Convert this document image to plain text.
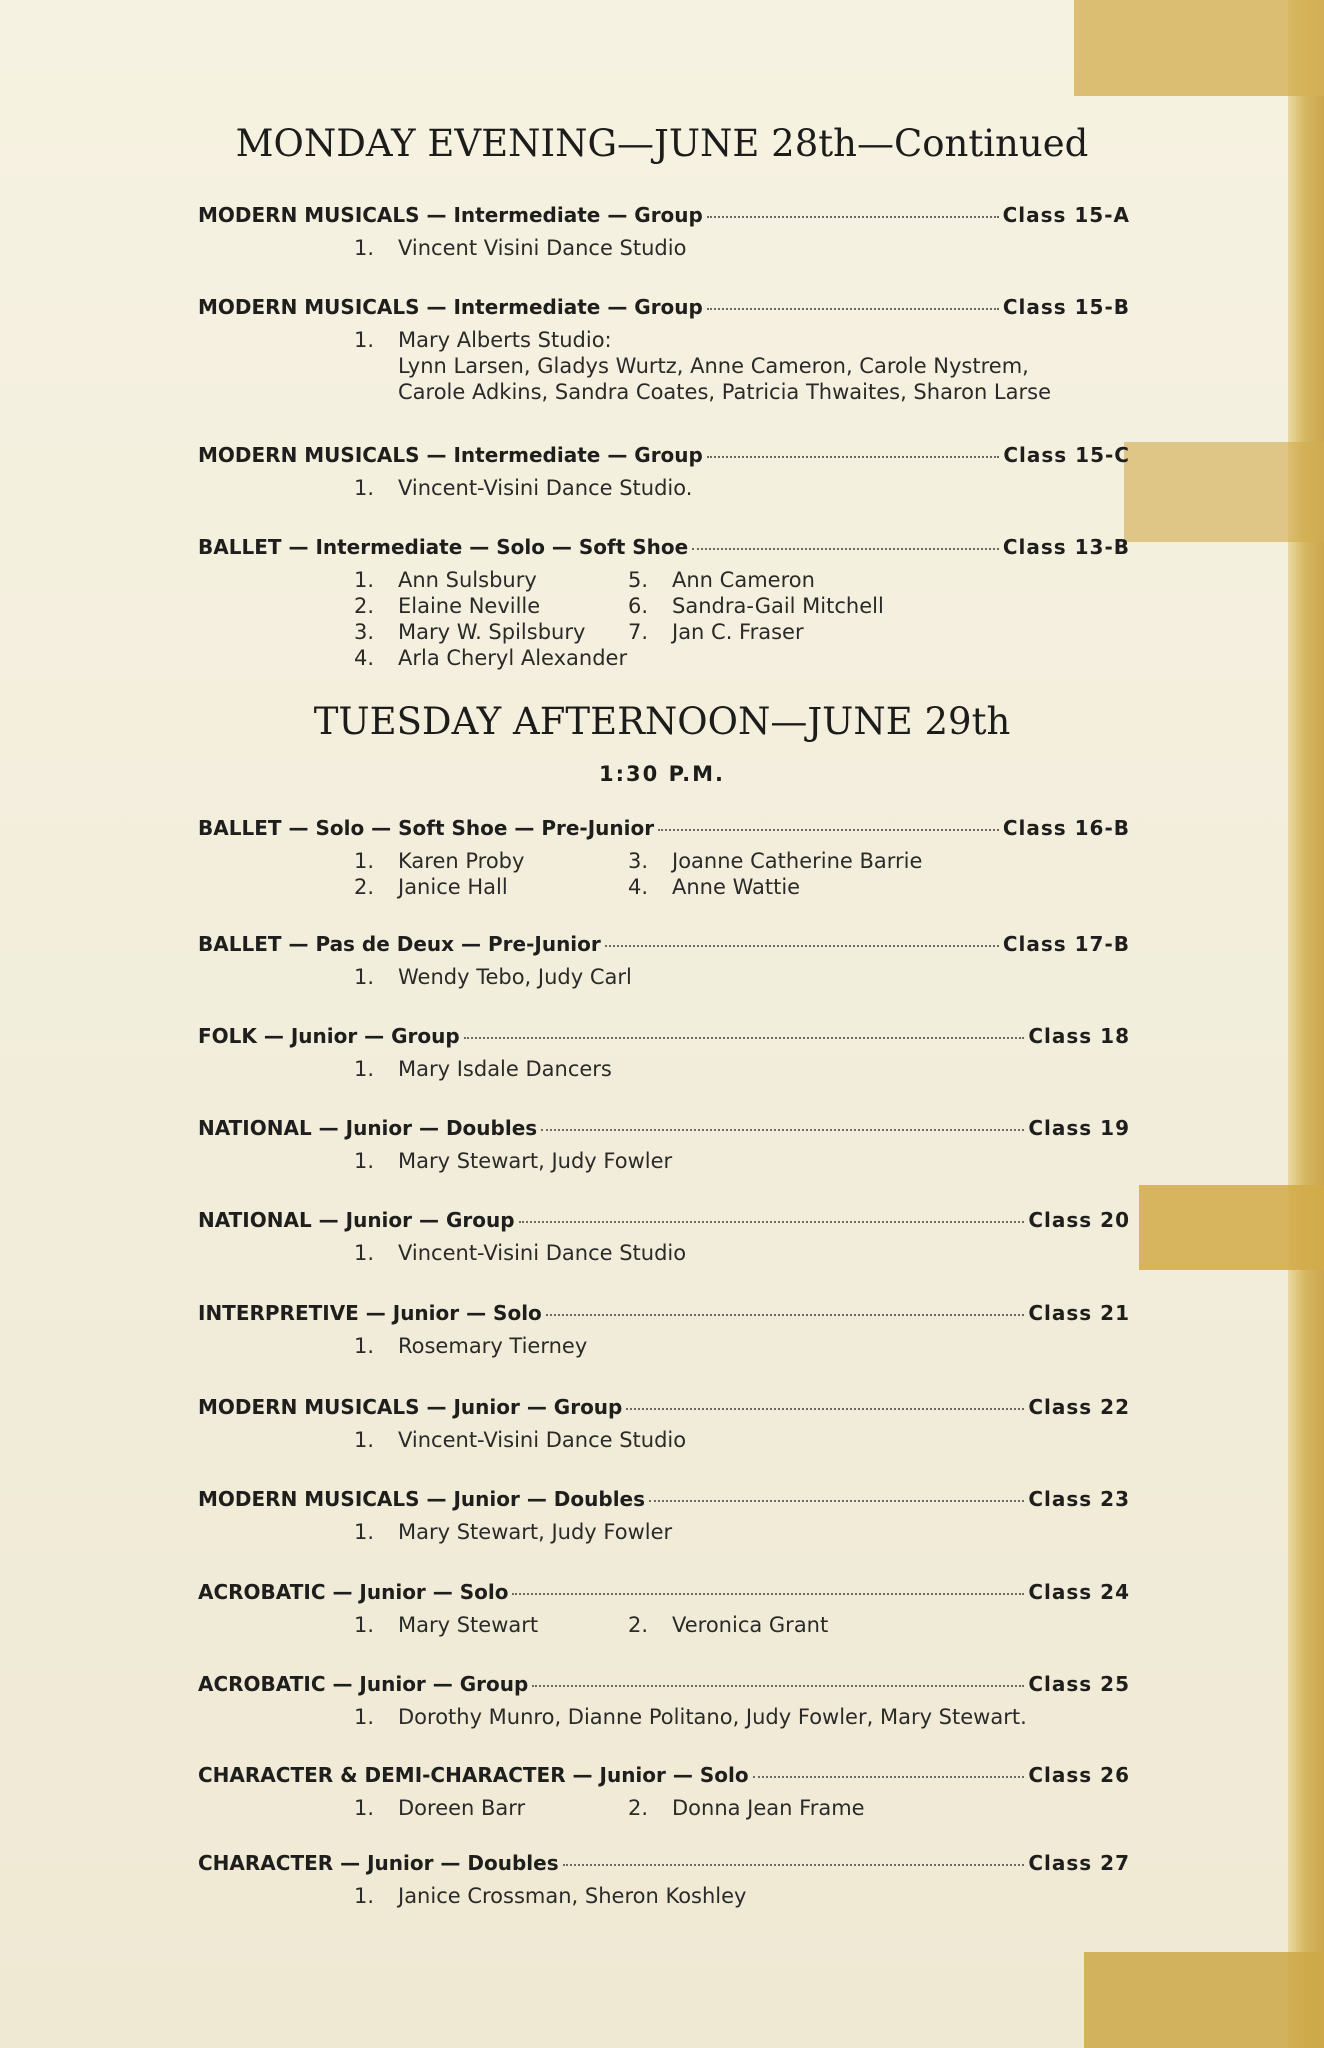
MONDAY EVENING—JUNE 28th—Continued
TUESDAY AFTERNOON—JUNE 29th
1:30 P.M.
MODERN MUSICALS — Intermediate — Group	Class 15-A
1. Vincent Visini Dance Studio
MODERN MUSICALS — Intermediate — Group	Class 15-B
1. Mary Alberts Studio:
Lynn Larsen, Gladys Wurtz, Anne Cameron, Carole Nystrem,
Carole Adkins, Sandra Coates, Patricia Thwaites, Sharon Larse
MODERN MUSICALS — Intermediate — Group	Class 15-C
1. Vincent-Visini Dance Studio.
BALLET — Intermediate — Solo — Soft Shoe	Class 13-B
1. Ann Sulsbury
2. Elaine Neville
3. Mary W. Spilsbury
4. Arla Cheryl Alexander
5. Ann Cameron
6. Sandra-Gail Mitchell
7. Jan C. Fraser
BALLET — Solo — Soft Shoe — Pre-Junior	Class 16-B
1. Karen Proby
2. Janice Hall
3. Joanne Catherine Barrie
4. Anne Wattie
BALLET — Pas de Deux — Pre-Junior	Class 17-B
1. Wendy Tebo, Judy Carl
FOLK — Junior — Group	Class 18
1. Mary Isdale Dancers
NATIONAL — Junior — Doubles	Class 19
1. Mary Stewart, Judy Fowler
NATIONAL — Junior — Group	Class 20
1. Vincent-Visini Dance Studio
INTERPRETIVE — Junior — Solo	Class 21
1. Rosemary Tierney
MODERN MUSICALS — Junior — Group	Class 22
1. Vincent-Visini Dance Studio
MODERN MUSICALS — Junior — Doubles	Class 23
1. Mary Stewart, Judy Fowler
ACROBATIC — Junior — Solo	Class 24
1. Mary Stewart	2. Veronica Grant
ACROBATIC — Junior — Group	Class 25
1. Dorothy Munro, Dianne Politano, Judy Fowler, Mary Stewart.
CHARACTER & DEMI-CHARACTER — Junior — Solo	Class 26
1. Doreen Barr	2. Donna Jean Frame
CHARACTER — Junior — Doubles	Class 27
1. Janice Crossman, Sheron Koshley
